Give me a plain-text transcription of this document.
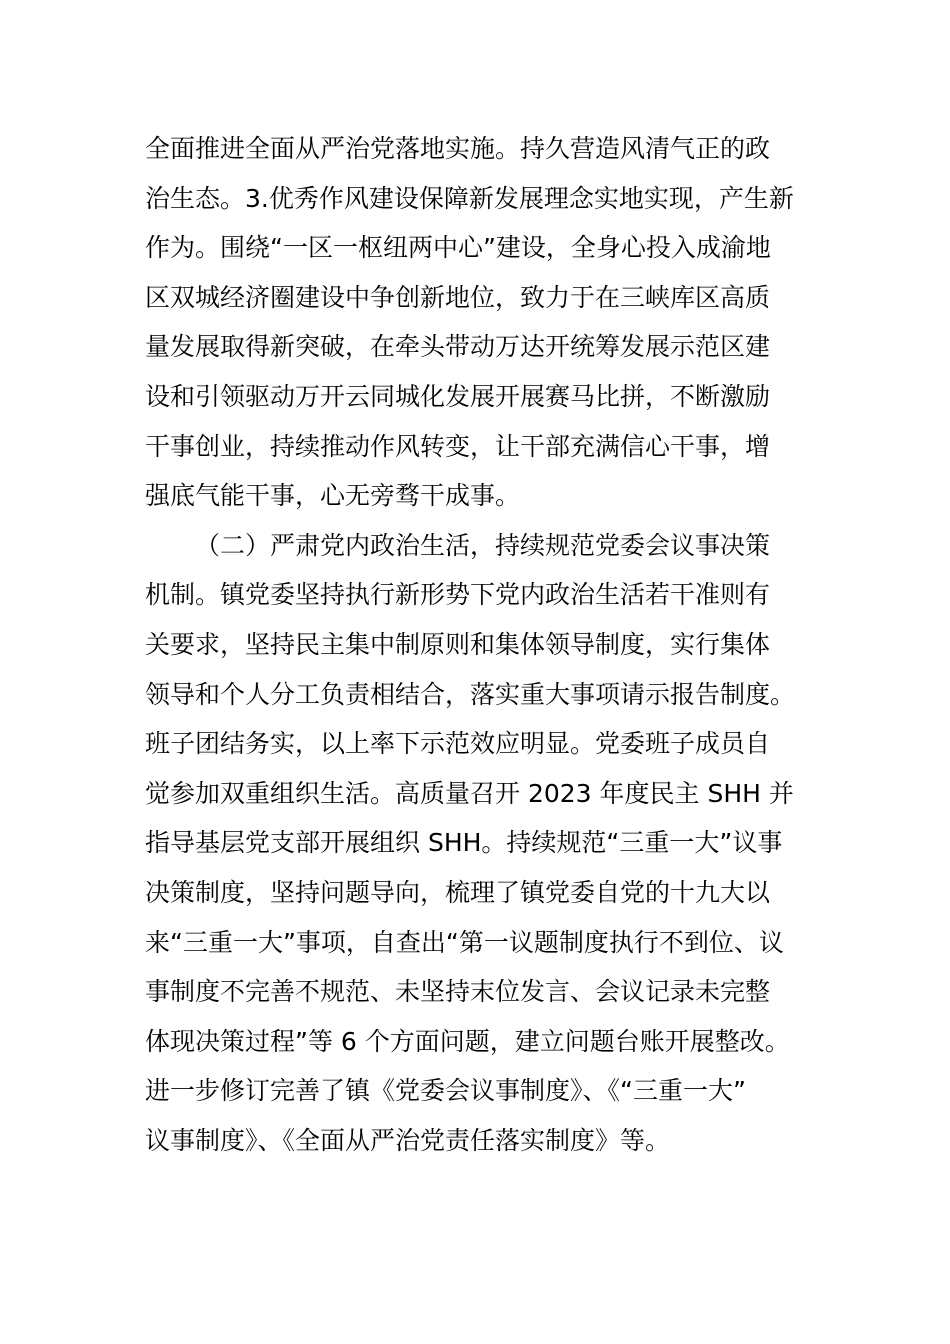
全面推进全面从严治党落地实施。持久营造风清气正的政
治生态。3.优秀作风建设保障新发展理念实地实现，产生新
作为。围绕“一区一枢纽两中心”建设，全身心投入成渝地
区双城经济圈建设中争创新地位，致力于在三峡库区高质
量发展取得新突破，在牵头带动万达开统筹发展示范区建
设和引领驱动万开云同城化发展开展赛马比拼，不断激励
干事创业，持续推动作风转变，让干部充满信心干事，增
强底气能干事，心无旁骛干成事。
（二）严肃党内政治生活，持续规范党委会议事决策
机制。镇党委坚持执行新形势下党内政治生活若干准则有
关要求，坚持民主集中制原则和集体领导制度，实行集体
领导和个人分工负责相结合，落实重大事项请示报告制度。
班子团结务实，以上率下示范效应明显。党委班子成员自
觉参加双重组织生活。高质量召开 2023 年度民主 SHH 并
指导基层党支部开展组织 SHH。持续规范“三重一大”议事
决策制度，坚持问题导向，梳理了镇党委自党的十九大以
来“三重一大”事项，自查出“第一议题制度执行不到位、议
事制度不完善不规范、未坚持末位发言、会议记录未完整
体现决策过程”等 6 个方面问题，建立问题台账开展整改。
进一步修订完善了镇《党委会议事制度》、《“三重一大”
议事制度》、《全面从严治党责任落实制度》等。
